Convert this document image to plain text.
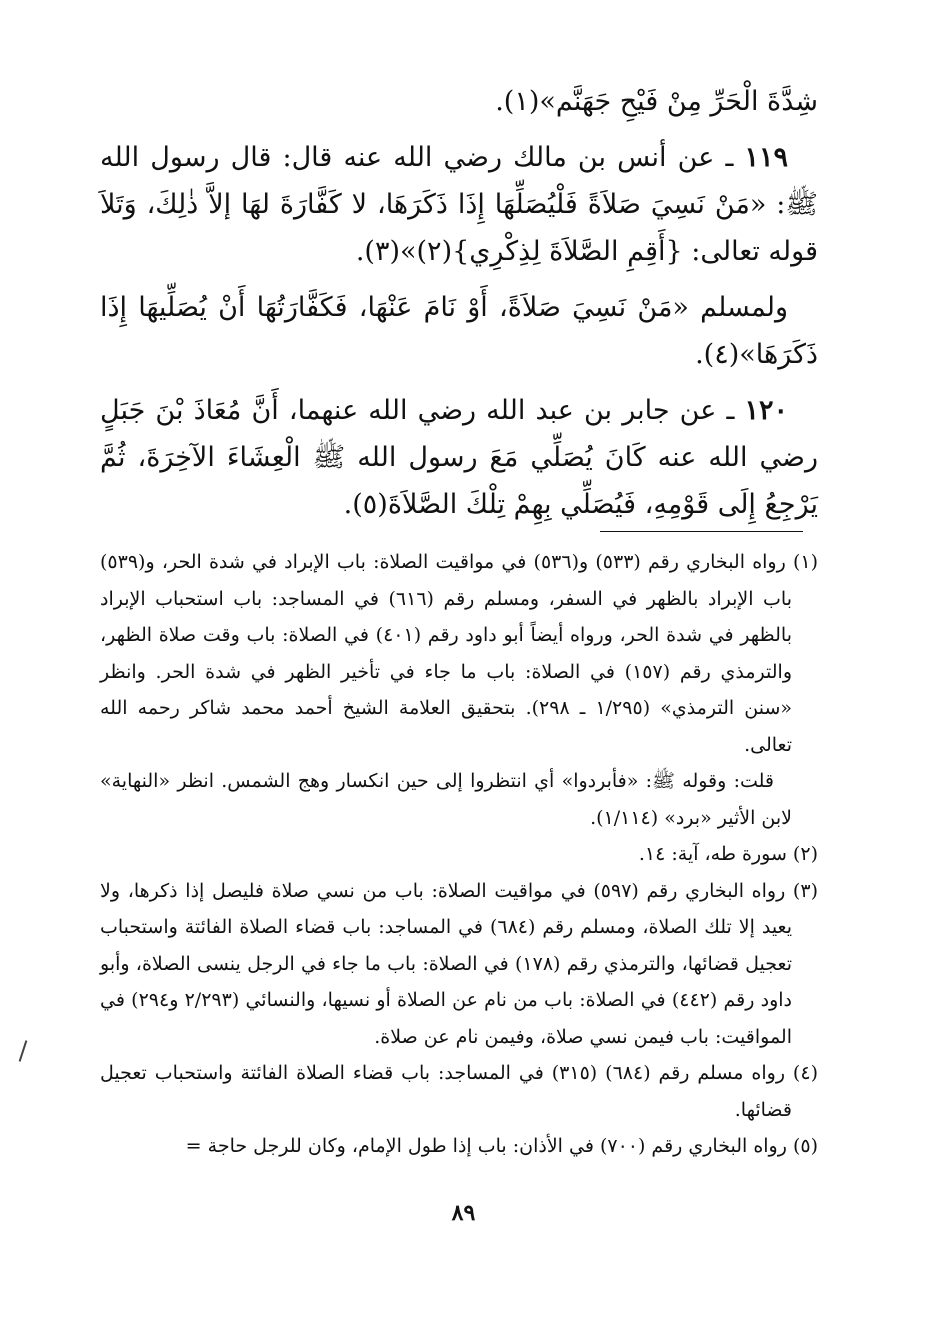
شِدَّةَ الْحَرِّ مِنْ فَيْحِ جَهَنَّم»(١).

١١٩ ـ عن أنس بن مالك رضي الله عنه قال: قال رسول الله ﷺ: «مَنْ نَسِيَ صَلاَةً فَلْيُصَلِّهَا إِذَا ذَكَرَهَا، لا كَفَّارَةَ لهَا إلاَّ ذٰلِكَ، وَتَلاَ قوله تعالى: {أَقِمِ الصَّلاَةَ لِذِكْرِي}(٢)»(٣).

ولمسلم «مَنْ نَسِيَ صَلاَةً، أَوْ نَامَ عَنْهَا، فَكَفَّارَتُهَا أَنْ يُصَلِّيهَا إِذَا ذَكَرَهَا»(٤).

١٢٠ ـ عن جابر بن عبد الله رضي الله عنهما، أَنَّ مُعَاذَ بْنَ جَبَلٍ رضي الله عنه كَانَ يُصَلِّي مَعَ رسول الله ﷺ الْعِشَاءَ الآخِرَةَ، ثُمَّ يَرْجِعُ إِلَى قَوْمِهِ، فَيُصَلِّي بِهِمْ تِلْكَ الصَّلاَةَ(٥).

(١) رواه البخاري رقم (٥٣٣) و(٥٣٦) في مواقيت الصلاة: باب الإبراد في شدة الحر، و(٥٣٩) باب الإبراد بالظهر في السفر، ومسلم رقم (٦١٦) في المساجد: باب استحباب الإبراد بالظهر في شدة الحر، ورواه أيضاً أبو داود رقم (٤٠١) في الصلاة: باب وقت صلاة الظهر، والترمذي رقم (١٥٧) في الصلاة: باب ما جاء في تأخير الظهر في شدة الحر. وانظر «سنن الترمذي» (١/٢٩٥ ـ ٢٩٨). بتحقيق العلامة الشيخ أحمد محمد شاكر رحمه الله تعالى.

قلت: وقوله ﷺ: «فأبردوا» أي انتظروا إلى حين انكسار وهج الشمس. انظر «النهاية» لابن الأثير «برد» (١/١١٤).

(٢) سورة طه، آية: ١٤.

(٣) رواه البخاري رقم (٥٩٧) في مواقيت الصلاة: باب من نسي صلاة فليصل إذا ذكرها، ولا يعيد إلا تلك الصلاة، ومسلم رقم (٦٨٤) في المساجد: باب قضاء الصلاة الفائتة واستحباب تعجيل قضائها، والترمذي رقم (١٧٨) في الصلاة: باب ما جاء في الرجل ينسى الصلاة، وأبو داود رقم (٤٤٢) في الصلاة: باب من نام عن الصلاة أو نسيها، والنسائي (٢/٢٩٣ و٢٩٤) في المواقيت: باب فيمن نسي صلاة، وفيمن نام عن صلاة.

(٤) رواه مسلم رقم (٦٨٤) (٣١٥) في المساجد: باب قضاء الصلاة الفائتة واستحباب تعجيل قضائها.

(٥) رواه البخاري رقم (٧٠٠) في الأذان: باب إذا طول الإمام، وكان للرجل حاجة =

٨٩
